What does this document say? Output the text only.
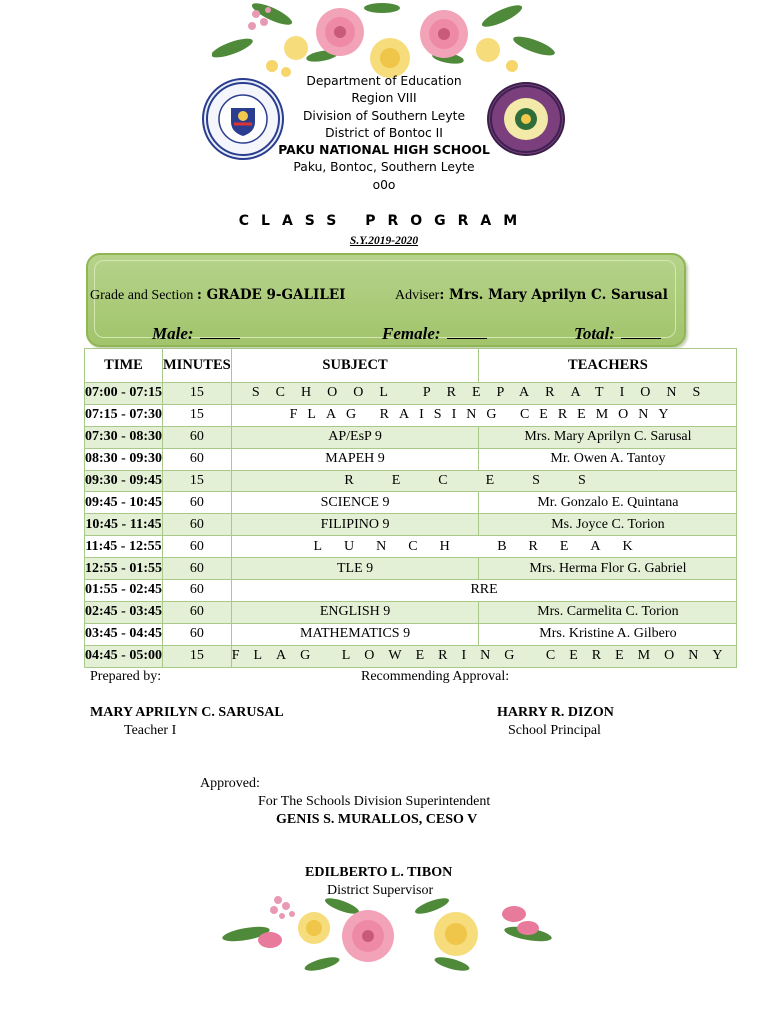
Department of Education
Region VIII
Division of Southern Leyte
District of Bontoc II
PAKU NATIONAL HIGH SCHOOL
Paku, Bontoc, Southern Leyte
o0o
CLASS PROGRAM
S.Y.2019-2020
Grade and Section : GRADE 9-GALILEI	Adviser: Mrs. Mary Aprilyn C. Sarusal
Male:	Female:	Total:
TIME	MINUTES	SUBJECT	TEACHERS
07:00 - 07:15	15	SCHOOL PREPARATIONS	
07:15 - 07:30	15	FLAG RAISING CEREMONY	
07:30 - 08:30	60	AP/EsP 9	Mrs. Mary Aprilyn C. Sarusal
08:30 - 09:30	60	MAPEH 9	Mr. Owen A. Tantoy
09:30 - 09:45	15	RECESS	
09:45 - 10:45	60	SCIENCE 9	Mr. Gonzalo E. Quintana
10:45 - 11:45	60	FILIPINO 9	Ms. Joyce C. Torion
11:45 - 12:55	60	LUNCH BREAK	
12:55 - 01:55	60	TLE 9	Mrs. Herma Flor G. Gabriel
01:55 - 02:45	60	RRE	
02:45 - 03:45	60	ENGLISH 9	Mrs. Carmelita C. Torion
03:45 - 04:45	60	MATHEMATICS 9	Mrs. Kristine A. Gilbero
04:45 - 05:00	15	FLAG LOWERING CEREMONY	
Prepared by:	Recommending Approval:
MARY APRILYN C. SARUSAL
Teacher I
HARRY R. DIZON
School Principal
Approved:
For The Schools Division Superintendent
GENIS S. MURALLOS, CESO V
EDILBERTO L. TIBON
District Supervisor
